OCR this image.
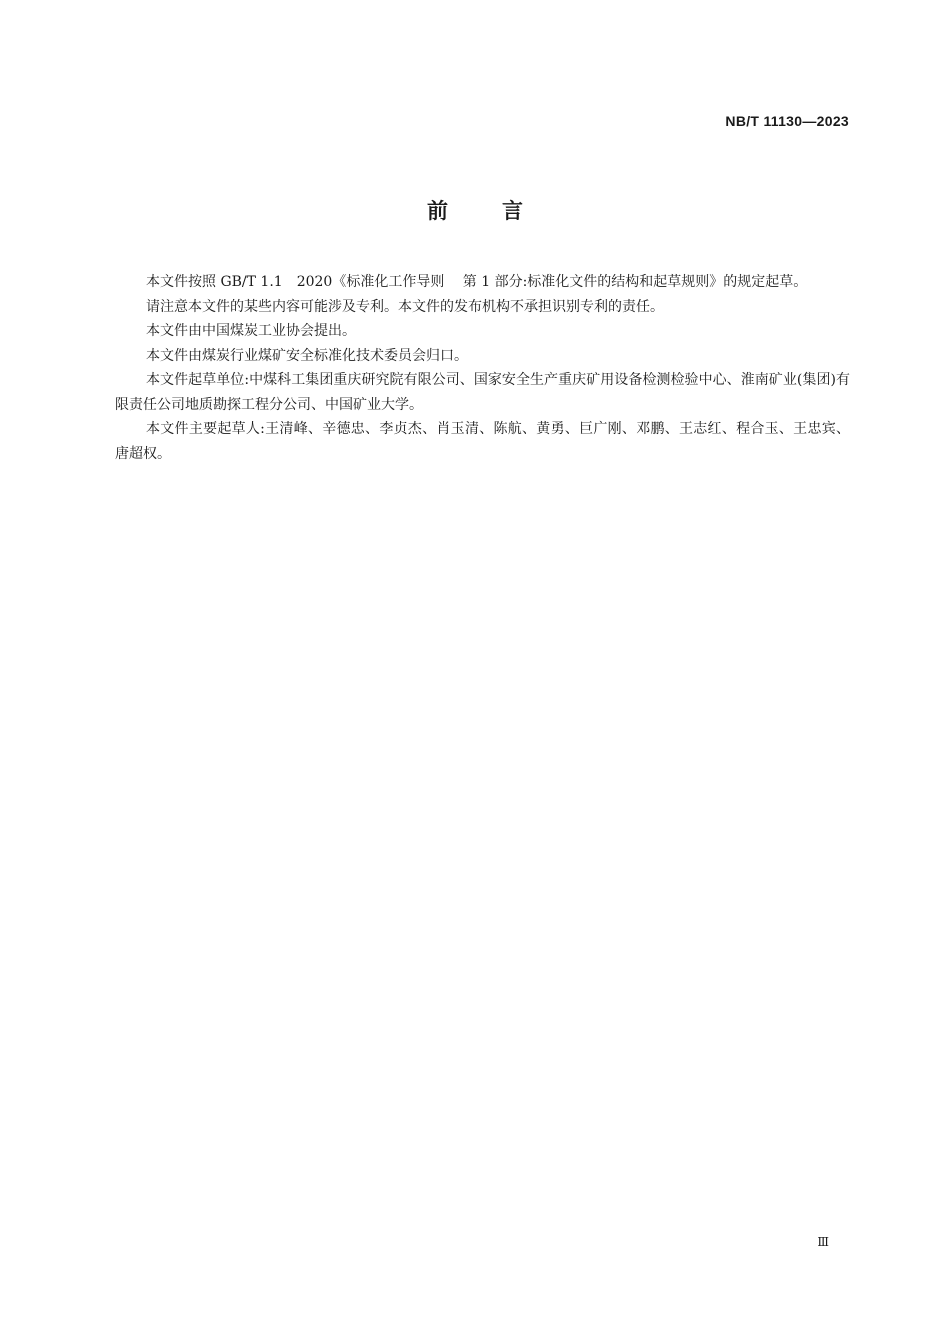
NB/T 11130—2023
前言

本文件按照 GB/T 1.1　2020《标准化工作导则　 第 1 部分:标准化文件的结构和起草规则》的规定起草。

请注意本文件的某些内容可能涉及专利。本文件的发布机构不承担识别专利的责任。

本文件由中国煤炭工业协会提出。

本文件由煤炭行业煤矿安全标准化技术委员会归口。

本文件起草单位:中煤科工集团重庆研究院有限公司、国家安全生产重庆矿用设备检测检验中心、淮南矿业(集团)有限责任公司地质勘探工程分公司、中国矿业大学。

本文件主要起草人:王清峰、辛德忠、李贞杰、肖玉清、陈航、黄勇、巨广刚、邓鹏、王志红、程合玉、王忠宾、唐超权。

Ⅲ
